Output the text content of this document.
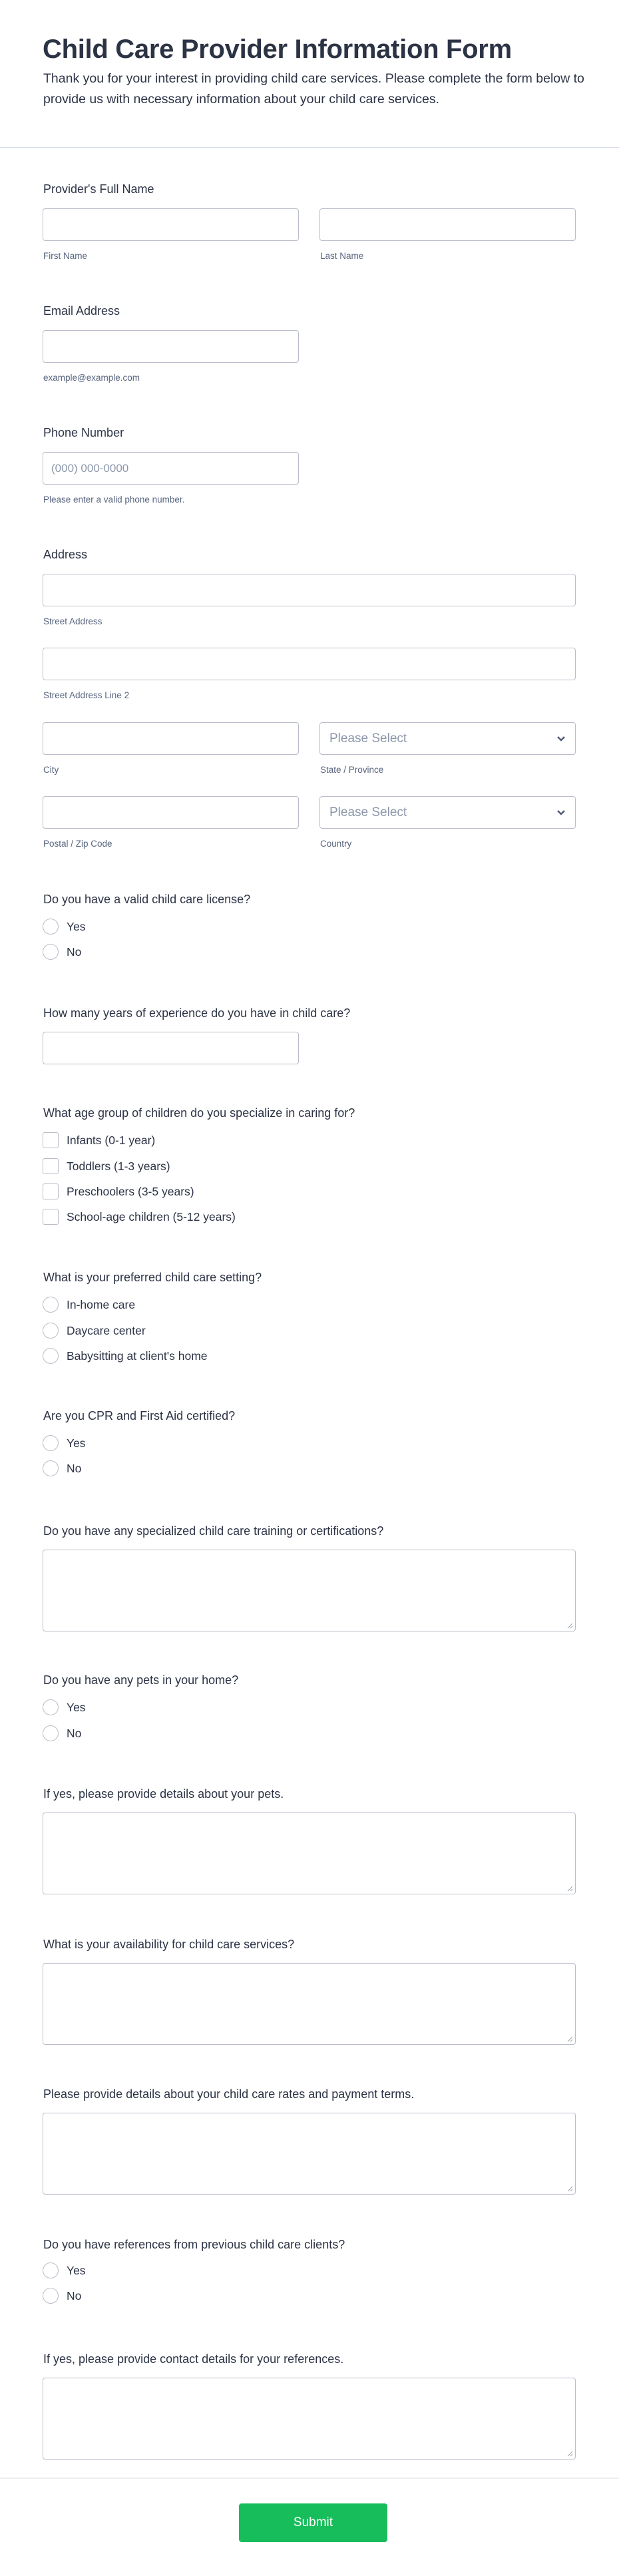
Child Care Provider Information Form

Thank you for your interest in providing child care services. Please complete the form below to provide us with necessary information about your child care services.

Provider's Full Name
First Name	Last Name
Email Address
example@example.com
Phone Number
(000) 000-0000
Please enter a valid phone number.
Address
Street Address
Street Address Line 2
Please Select
City	State / Province
Please Select
Postal / Zip Code	Country
Do you have a valid child care license?
Yes
No
How many years of experience do you have in child care?
What age group of children do you specialize in caring for?
Infants (0-1 year)
Toddlers (1-3 years)
Preschoolers (3-5 years)
School-age children (5-12 years)
What is your preferred child care setting?
In-home care
Daycare center
Babysitting at client's home
Are you CPR and First Aid certified?
Yes
No
Do you have any specialized child care training or certifications?
Do you have any pets in your home?
Yes
No
If yes, please provide details about your pets.
What is your availability for child care services?
Please provide details about your child care rates and payment terms.
Do you have references from previous child care clients?
Yes
No
If yes, please provide contact details for your references.
Submit
